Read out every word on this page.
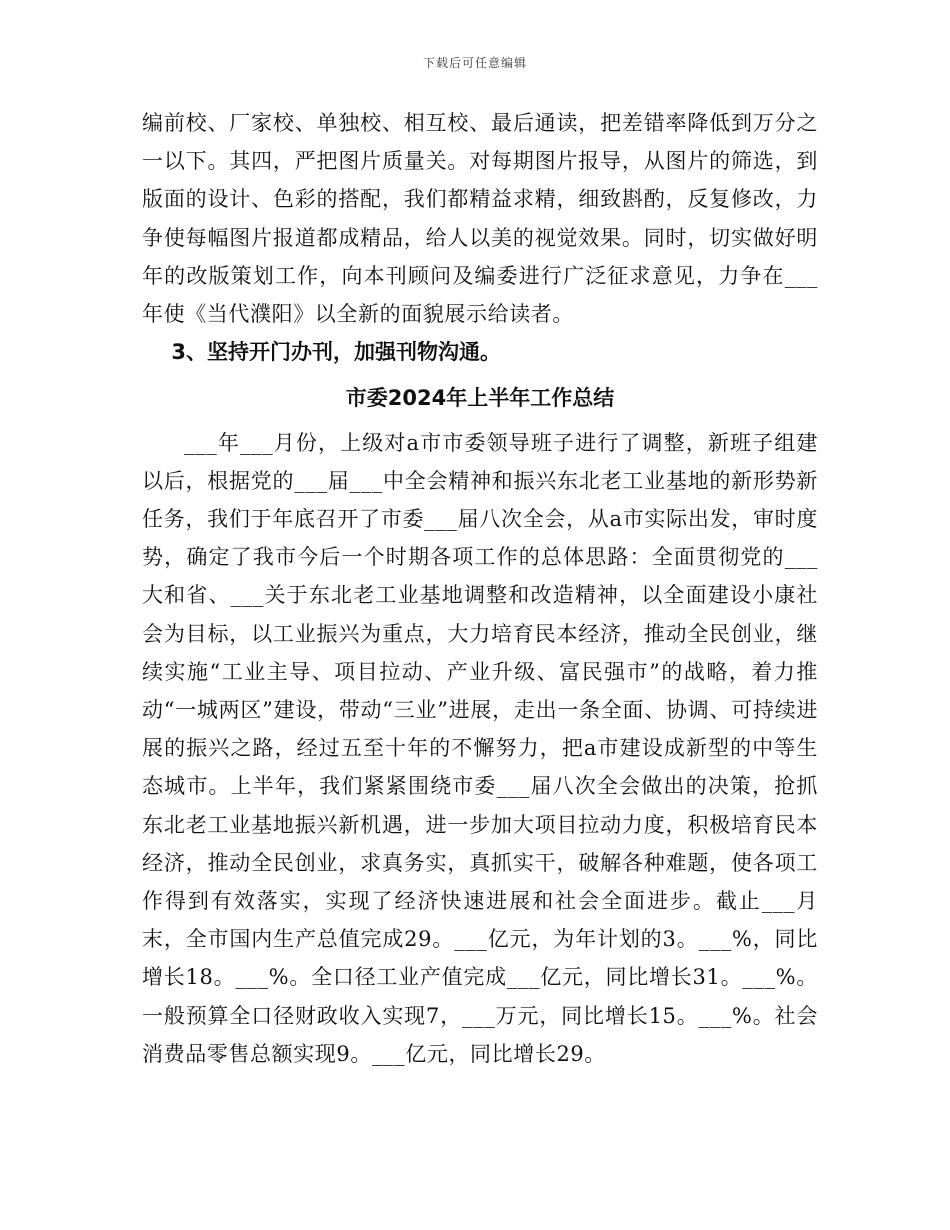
下载后可任意编辑

编前校、厂家校、单独校、相互校、最后通读，把差错率降低到万分之一以下。其四，严把图片质量关。对每期图片报导，从图片的筛选，到版面的设计、色彩的搭配，我们都精益求精，细致斟酌，反复修改，力争使每幅图片报道都成精品，给人以美的视觉效果。同时，切实做好明年的改版策划工作，向本刊顾问及编委进行广泛征求意见，力争在___年使《当代濮阳》以全新的面貌展示给读者。

3、坚持开门办刊，加强刊物沟通。

市委2024年上半年工作总结

___年___月份，上级对a市市委领导班子进行了调整，新班子组建以后，根据党的___届___中全会精神和振兴东北老工业基地的新形势新任务，我们于年底召开了市委___届八次全会，从a市实际出发，审时度势，确定了我市今后一个时期各项工作的总体思路：全面贯彻党的___大和省、___关于东北老工业基地调整和改造精神，以全面建设小康社会为目标，以工业振兴为重点，大力培育民本经济，推动全民创业，继续实施“工业主导、项目拉动、产业升级、富民强市”的战略，着力推动“一城两区”建设，带动“三业”进展，走出一条全面、协调、可持续进展的振兴之路，经过五至十年的不懈努力，把a市建设成新型的中等生态城市。上半年，我们紧紧围绕市委___届八次全会做出的决策，抢抓东北老工业基地振兴新机遇，进一步加大项目拉动力度，积极培育民本经济，推动全民创业，求真务实，真抓实干，破解各种难题，使各项工作得到有效落实，实现了经济快速进展和社会全面进步。截止___月末，全市国内生产总值完成29。___亿元，为年计划的3。___%，同比增长18。___%。全口径工业产值完成___亿元，同比增长31。___%。一般预算全口径财政收入实现7，___万元，同比增长15。___%。社会消费品零售总额实现9。___亿元，同比增长29。
